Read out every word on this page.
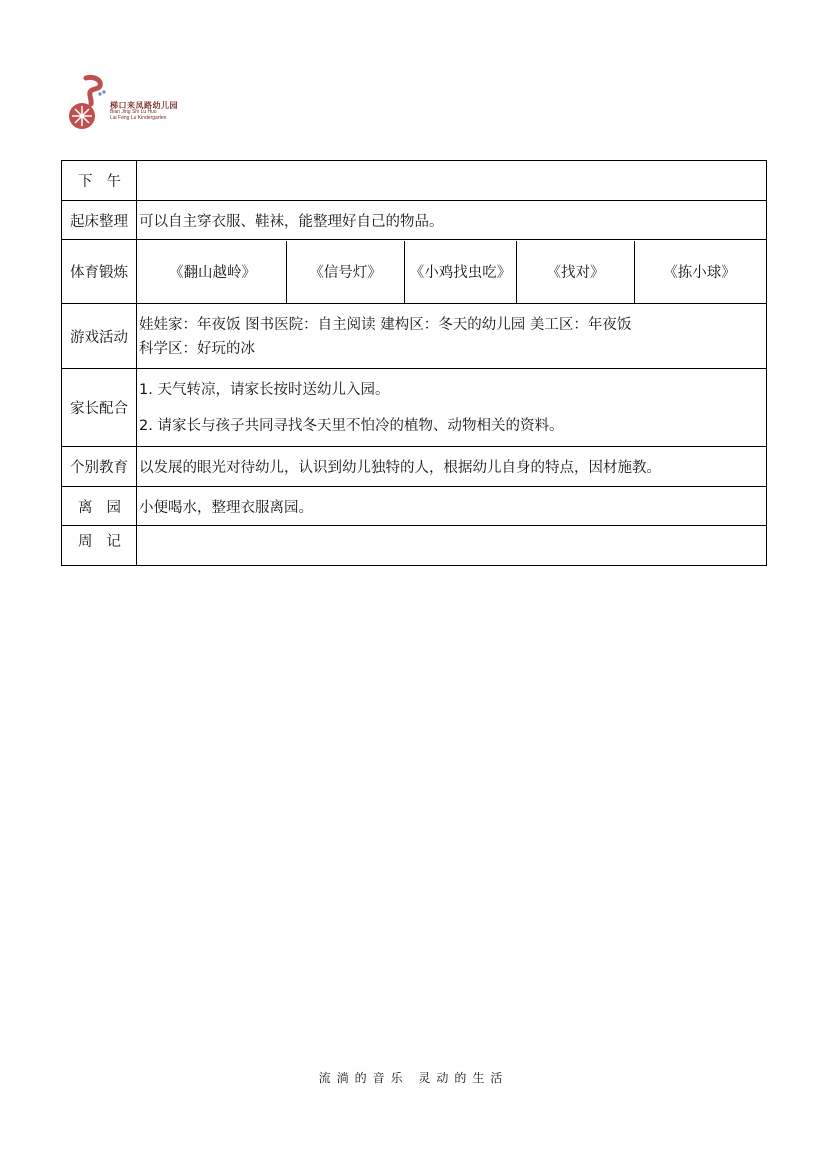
梯口来凤路幼儿园
Bian Jing Shi Lu Huo
Lai Feng Lu Kindergarten
下午	
起床整理	可以自主穿衣服、鞋袜，能整理好自己的物品。
体育锻炼	《翻山越岭》 《信号灯》 《小鸡找虫吃》 《找对》 《拣小球》

游戏活动	娃娃家：年夜饭 图书医院：自主阅读 建构区：冬天的幼儿园 美工区：年夜饭
科学区：好玩的冰

家长配合	1. 天气转凉，请家长按时送幼儿入园。
2. 请家长与孩子共同寻找冬天里不怕冷的植物、动物相关的资料。

个别教育	以发展的眼光对待幼儿，认识到幼儿独特的人，根据幼儿自身的特点，因材施教。
离园	小便喝水，整理衣服离园。
周记	
流淌的音乐 灵动的生活
